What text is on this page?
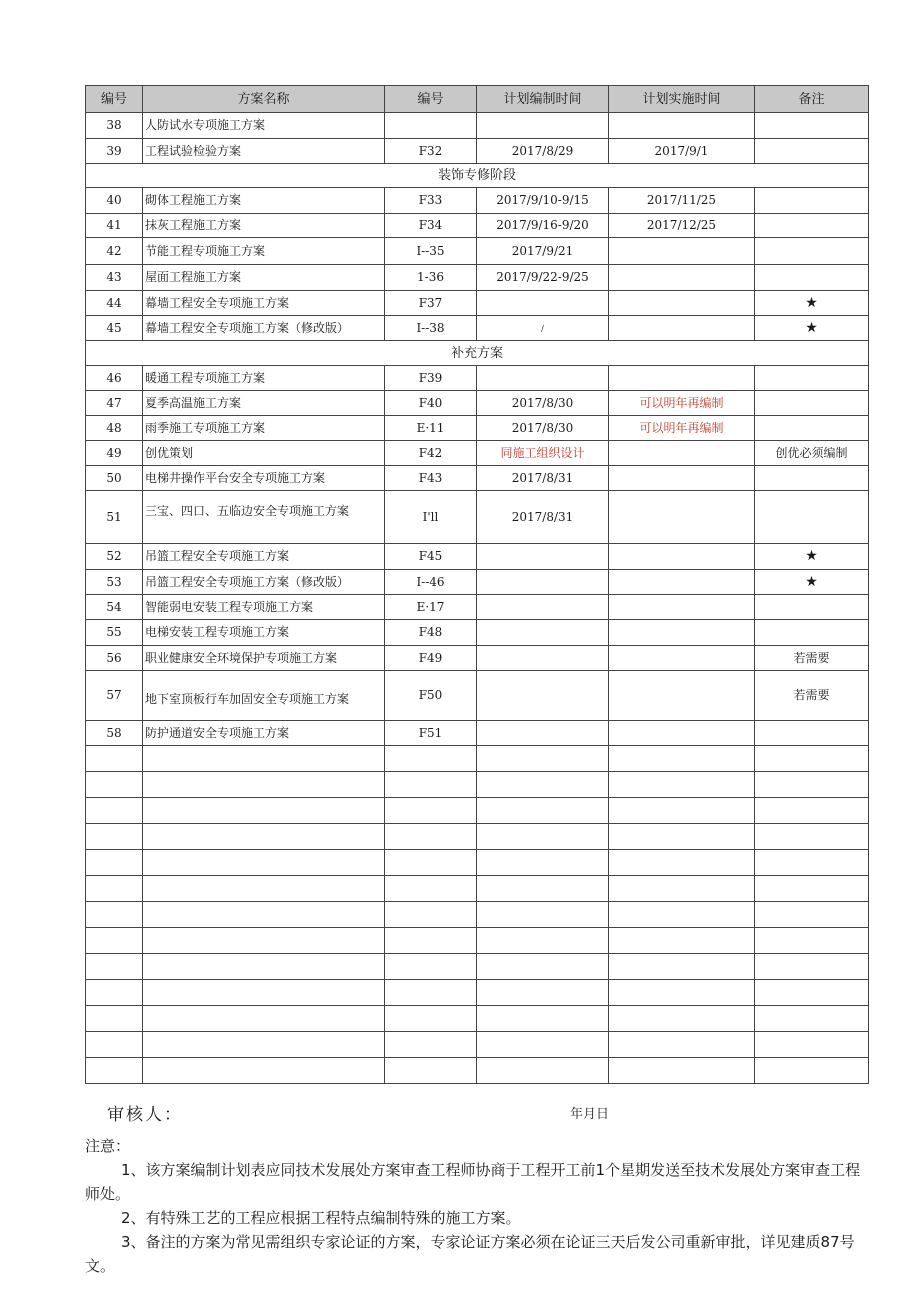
编号	方案名称	编号	计划编制时间	计划实施时间	备注
38	人防试水专项施工方案				
39	工程试验检验方案	F32	2017/8/29	2017/9/1	
装饰专修阶段					
40	砌体工程施工方案	F33	2017/9/10-9/15	2017/11/25	
41	抹灰工程施工方案	F34	2017/9/16-9/20	2017/12/25	
42	节能工程专项施工方案	I--35	2017/9/21		
43	屋面工程施工方案	1-36	2017/9/22-9/25		
44	幕墙工程安全专项施工方案	F37			★
45	幕墙工程安全专项施工方案（修改版）	I--38	/		★
补充方案					
46	暖通工程专项施工方案	F39			
47	夏季高温施工方案	F40	2017/8/30	可以明年再编制	
48	雨季施工专项施工方案	E·11	2017/8/30	可以明年再编制	
49	创优策划	F42	同施工组织设计		创优必须编制
50	电梯井操作平台安全专项施工方案	F43	2017/8/31		
51	三宝、四口、五临边安全专项施工方案	I'll	2017/8/31		
52	吊篮工程安全专项施工方案	F45			★
53	吊篮工程安全专项施工方案（修改版）	I--46			★
54	智能弱电安装工程专项施工方案	E·17			
55	电梯安装工程专项施工方案	F48			
56	职业健康安全环境保护专项施工方案	F49			若需要
57	地下室顶板行车加固安全专项施工方案	F50			若需要
58	防护通道安全专项施工方案	F51			

审核人：	年月日

注意：

1、该方案编制计划表应同技术发展处方案审查工程师协商于工程开工前1个星期发送至技术发展处方案审查工程师处。

2、有特殊工艺的工程应根据工程特点编制特殊的施工方案。

3、备注的方案为常见需组织专家论证的方案，专家论证方案必须在论证三天后发公司重新审批，详见建质87号文。
